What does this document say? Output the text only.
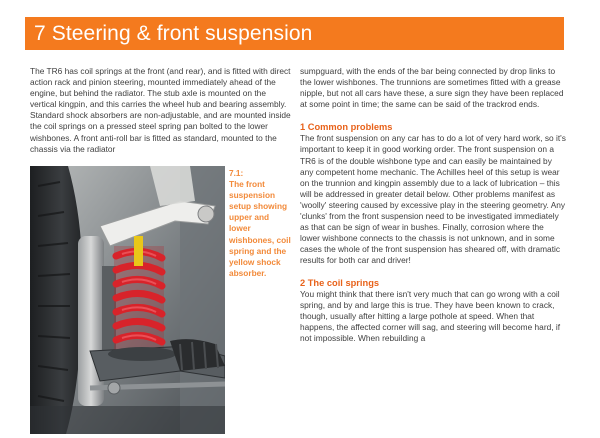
7 Steering & front suspension

The TR6 has coil springs at the front (and rear), and is fitted with direct action rack and pinion steering, mounted immediately ahead of the engine, but behind the radiator. The stub axle is mounted on the vertical kingpin, and this carries the wheel hub and bearing assembly. Standard shock absorbers are non-adjustable, and are mounted inside the coil springs on a pressed steel spring pan bolted to the lower wishbones. A front anti-roll bar is fitted as standard, mounted to the chassis via the radiator

7.1:
The front suspension setup showing upper and lower wishbones, coil spring and the yellow shock absorber.

sumpguard, with the ends of the bar being connected by drop links to the lower wishbones. The trunnions are sometimes fitted with a grease nipple, but not all cars have these, a sure sign they have been replaced at some point in time; the same can be said of the trackrod ends.

1 Common problems

The front suspension on any car has to do a lot of very hard work, so it's important to keep it in good working order. The front suspension on a TR6 is of the double wishbone type and can easily be maintained by any competent home mechanic. The Achilles heel of this setup is wear on the trunnion and kingpin assembly due to a lack of lubrication – this will be addressed in greater detail below. Other problems manifest as 'woolly' steering caused by excessive play in the steering geometry. Any 'clunks' from the front suspension need to be investigated immediately as that can be sign of wear in bushes. Finally, corrosion where the lower wishbone connects to the chassis is not unknown, and in some cases the whole of the front suspension has sheared off, with dramatic results for both car and driver!

2 The coil springs

You might think that there isn't very much that can go wrong with a coil spring, and by and large this is true. They have been known to crack, though, usually after hitting a large pothole at speed. When that happens, the affected corner will sag, and steering will become hard, if not impossible. When rebuilding a
